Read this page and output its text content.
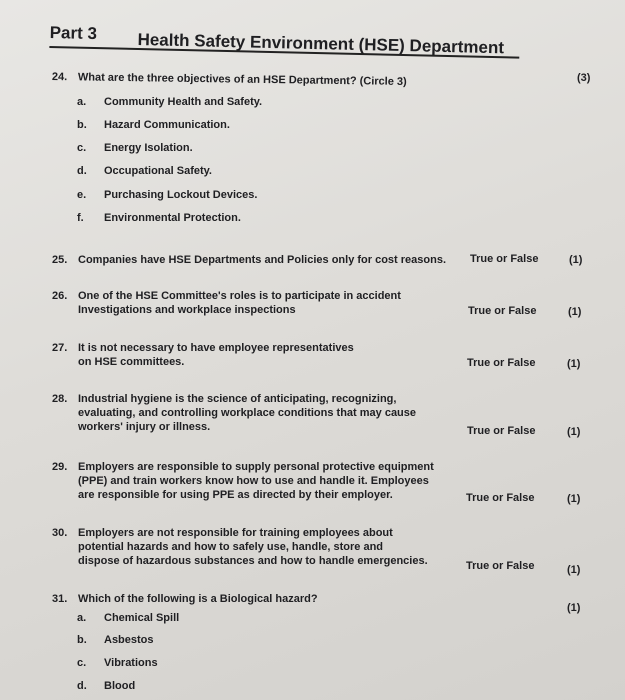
Part 3 Health Safety Environment (HSE) Department
24. What are the three objectives of an HSE Department? (Circle 3)	(3)
a. Community Health and Safety.
b. Hazard Communication.
c. Energy Isolation.
d. Occupational Safety.
e. Purchasing Lockout Devices.
f. Environmental Protection.
25. Companies have HSE Departments and Policies only for cost reasons.	True or False	(1)
26. One of the HSE Committee's roles is to participate in accident
Investigations and workplace inspections	True or False	(1)
27. It is not necessary to have employee representatives
on HSE committees.	True or False	(1)
28. Industrial hygiene is the science of anticipating, recognizing,
evaluating, and controlling workplace conditions that may cause
workers' injury or illness.	True or False	(1)
29. Employers are responsible to supply personal protective equipment
(PPE) and train workers know how to use and handle it. Employees
are responsible for using PPE as directed by their employer.	True or False	(1)
30. Employers are not responsible for training employees about
potential hazards and how to safely use, handle, store and
dispose of hazardous substances and how to handle emergencies.	True or False	(1)
31. Which of the following is a Biological hazard?
(1)
a. Chemical Spill
b. Asbestos
c. Vibrations
d. Blood
